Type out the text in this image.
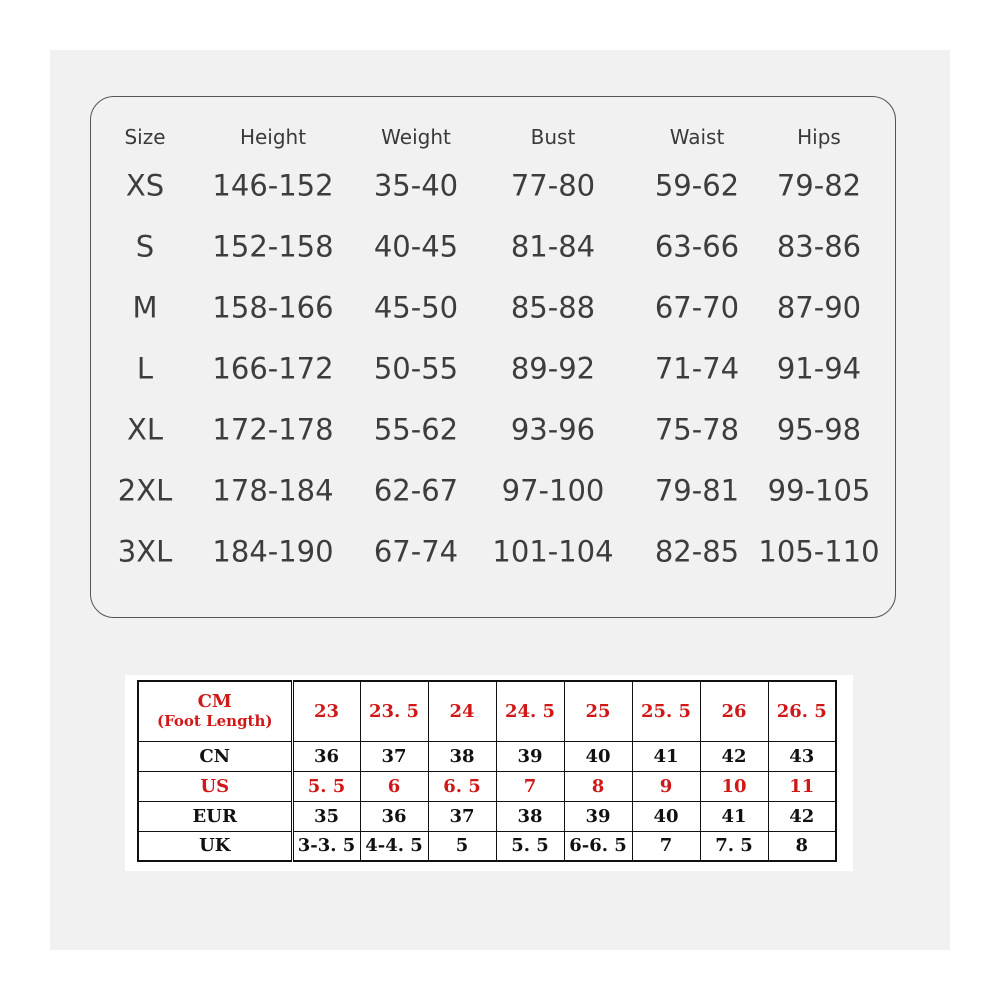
Size	Height	Weight	Bust	Waist	Hips
XS 146-152 35-40 77-80 59-62 79-82
S 152-158 40-45 81-84 63-66 83-86
M 158-166 45-50 85-88 67-70 87-90
L 166-172 50-55 89-92 71-74 91-94
XL 172-178 55-62 93-96 75-78 95-98
2XL 178-184 62-67 97-100 79-81 99-105
3XL 184-190 67-74 101-104 82-85 105-110
CM
(Foot Length)	23	23. 5	24	24. 5	25	25. 5	26	26. 5
CN	36	37	38	39	40	41	42	43
US	5. 5	6	6. 5	7	8	9	10	11
EUR	35	36	37	38	39	40	41	42
UK	3-3. 5	4-4. 5	5	5. 5	6-6. 5	7	7. 5	8
